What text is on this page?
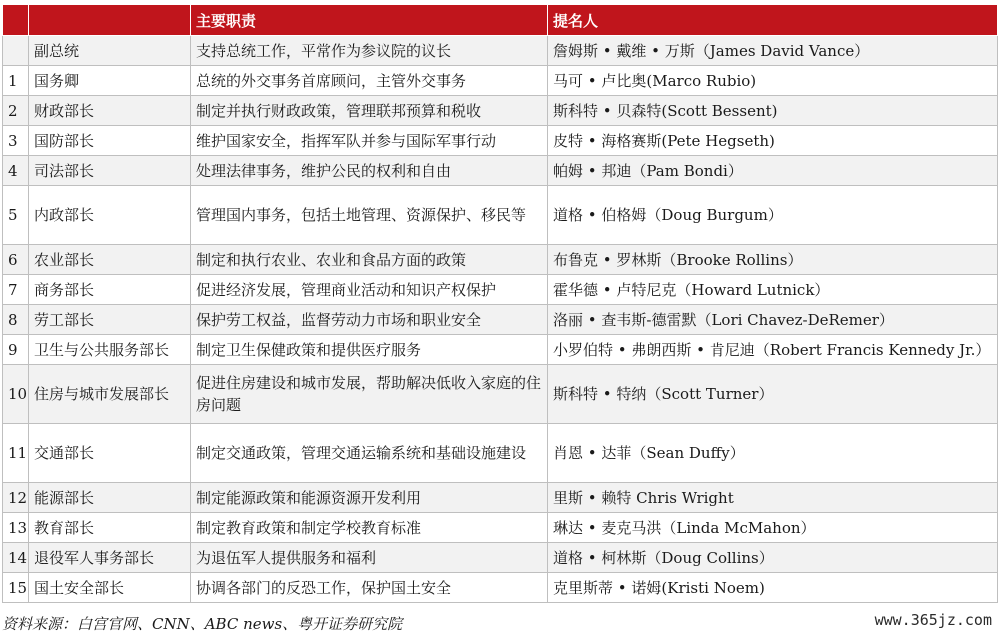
		主要职责	提名人
	副总统	支持总统工作，平常作为参议院的议长	詹姆斯 • 戴维 • 万斯（James David Vance）
1	国务卿	总统的外交事务首席顾问，主管外交事务	马可 • 卢比奥(Marco Rubio)
2	财政部长	制定并执行财政政策，管理联邦预算和税收	斯科特 • 贝森特(Scott Bessent)
3	国防部长	维护国家安全，指挥军队并参与国际军事行动	皮特 • 海格赛斯(Pete Hegseth)
4	司法部长	处理法律事务，维护公民的权利和自由	帕姆 • 邦迪（Pam Bondi）
5	内政部长	管理国内事务，包括土地管理、资源保护、移民等	道格 • 伯格姆（Doug Burgum）
6	农业部长	制定和执行农业、农业和食品方面的政策	布鲁克 • 罗林斯（Brooke Rollins）
7	商务部长	促进经济发展，管理商业活动和知识产权保护	霍华德 • 卢特尼克（Howard Lutnick）
8	劳工部长	保护劳工权益，监督劳动力市场和职业安全	洛丽 • 查韦斯-德雷默（Lori Chavez-DeRemer）
9	卫生与公共服务部长	制定卫生保健政策和提供医疗服务	小罗伯特 • 弗朗西斯 • 肯尼迪（Robert Francis Kennedy Jr.）
10	住房与城市发展部长	促进住房建设和城市发展，帮助解决低收入家庭的住房问题	斯科特 • 特纳（Scott Turner）
11	交通部长	制定交通政策，管理交通运输系统和基础设施建设	肖恩 • 达菲（Sean Duffy）
12	能源部长	制定能源政策和能源资源开发利用	里斯 • 赖特 Chris Wright
13	教育部长	制定教育政策和制定学校教育标准	琳达 • 麦克马洪（Linda McMahon）
14	退役军人事务部长	为退伍军人提供服务和福利	道格 • 柯林斯（Doug Collins）
15	国土安全部长	协调各部门的反恐工作，保护国土安全	克里斯蒂 • 诺姆(Kristi Noem)
资料来源：白宫官网、CNN、ABC news、粤开证券研究院	www.365jz.com
